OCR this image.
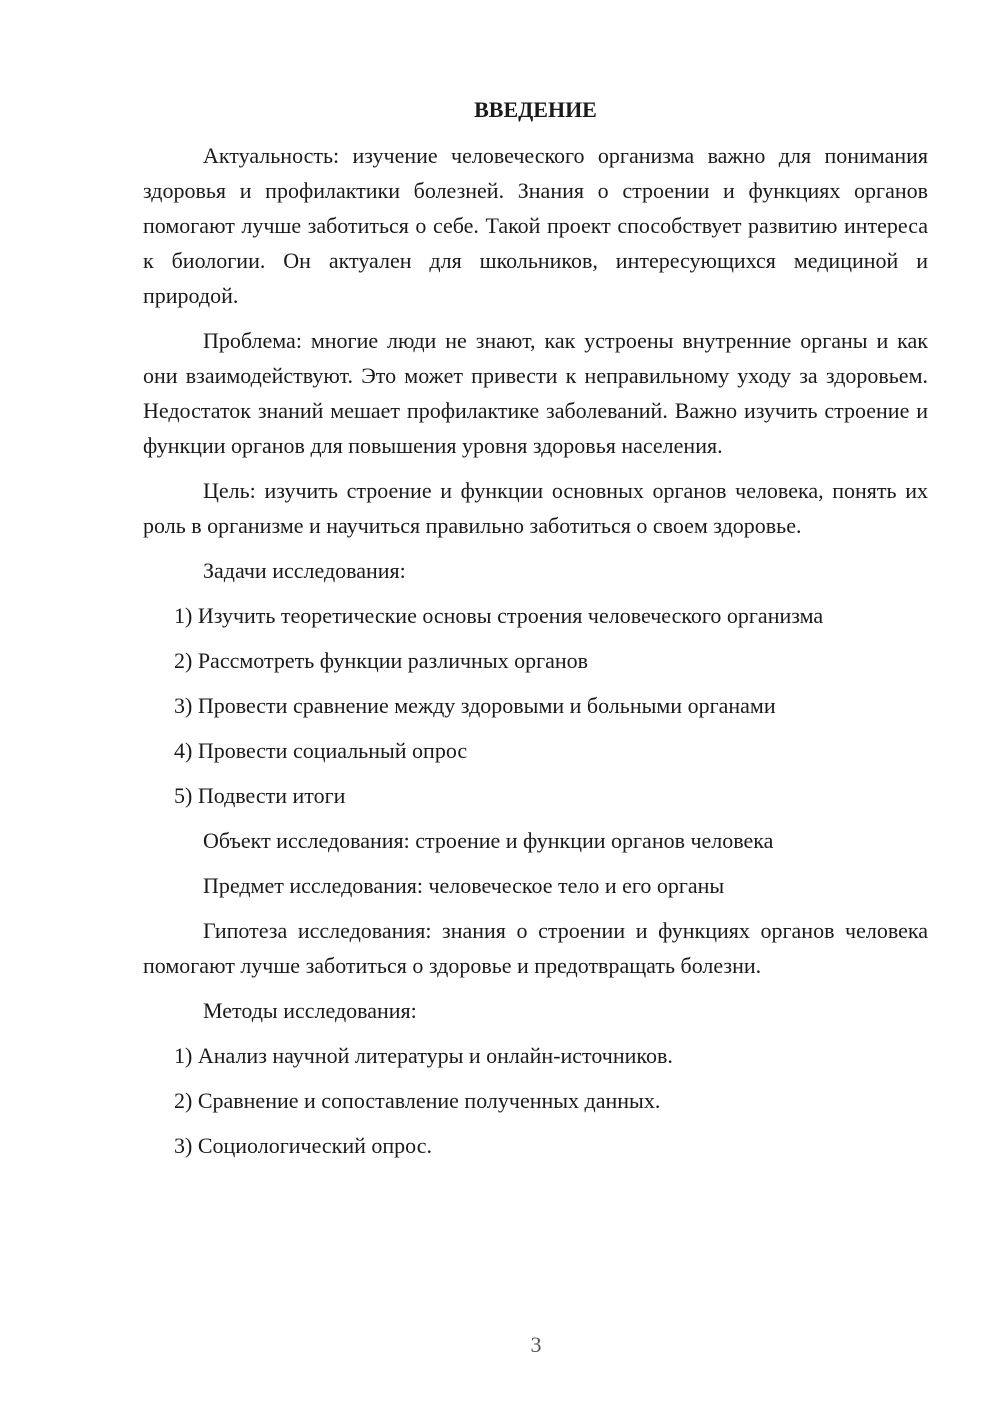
ВВЕДЕНИЕ

Актуальность: изучение человеческого организма важно для понимания здоровья и профилактики болезней. Знания о строении и функциях органов помогают лучше заботиться о себе. Такой проект способствует развитию интереса к биологии. Он актуален для школьников, интересующихся медициной и природой.

Проблема: многие люди не знают, как устроены внутренние органы и как они взаимодействуют. Это может привести к неправильному уходу за здоровьем. Недостаток знаний мешает профилактике заболеваний. Важно изучить строение и функции органов для повышения уровня здоровья населения.

Цель: изучить строение и функции основных органов человека, понять их роль в организме и научиться правильно заботиться о своем здоровье.

Задачи исследования:

1) Изучить теоретические основы строения человеческого организма

2) Рассмотреть функции различных органов

3) Провести сравнение между здоровыми и больными органами

4) Провести социальный опрос

5) Подвести итоги

Объект исследования: строение и функции органов человека

Предмет исследования: человеческое тело и его органы

Гипотеза исследования: знания о строении и функциях органов человека помогают лучше заботиться о здоровье и предотвращать болезни.

Методы исследования:

1) Анализ научной литературы и онлайн-источников.

2) Сравнение и сопоставление полученных данных.

3) Социологический опрос.

3
